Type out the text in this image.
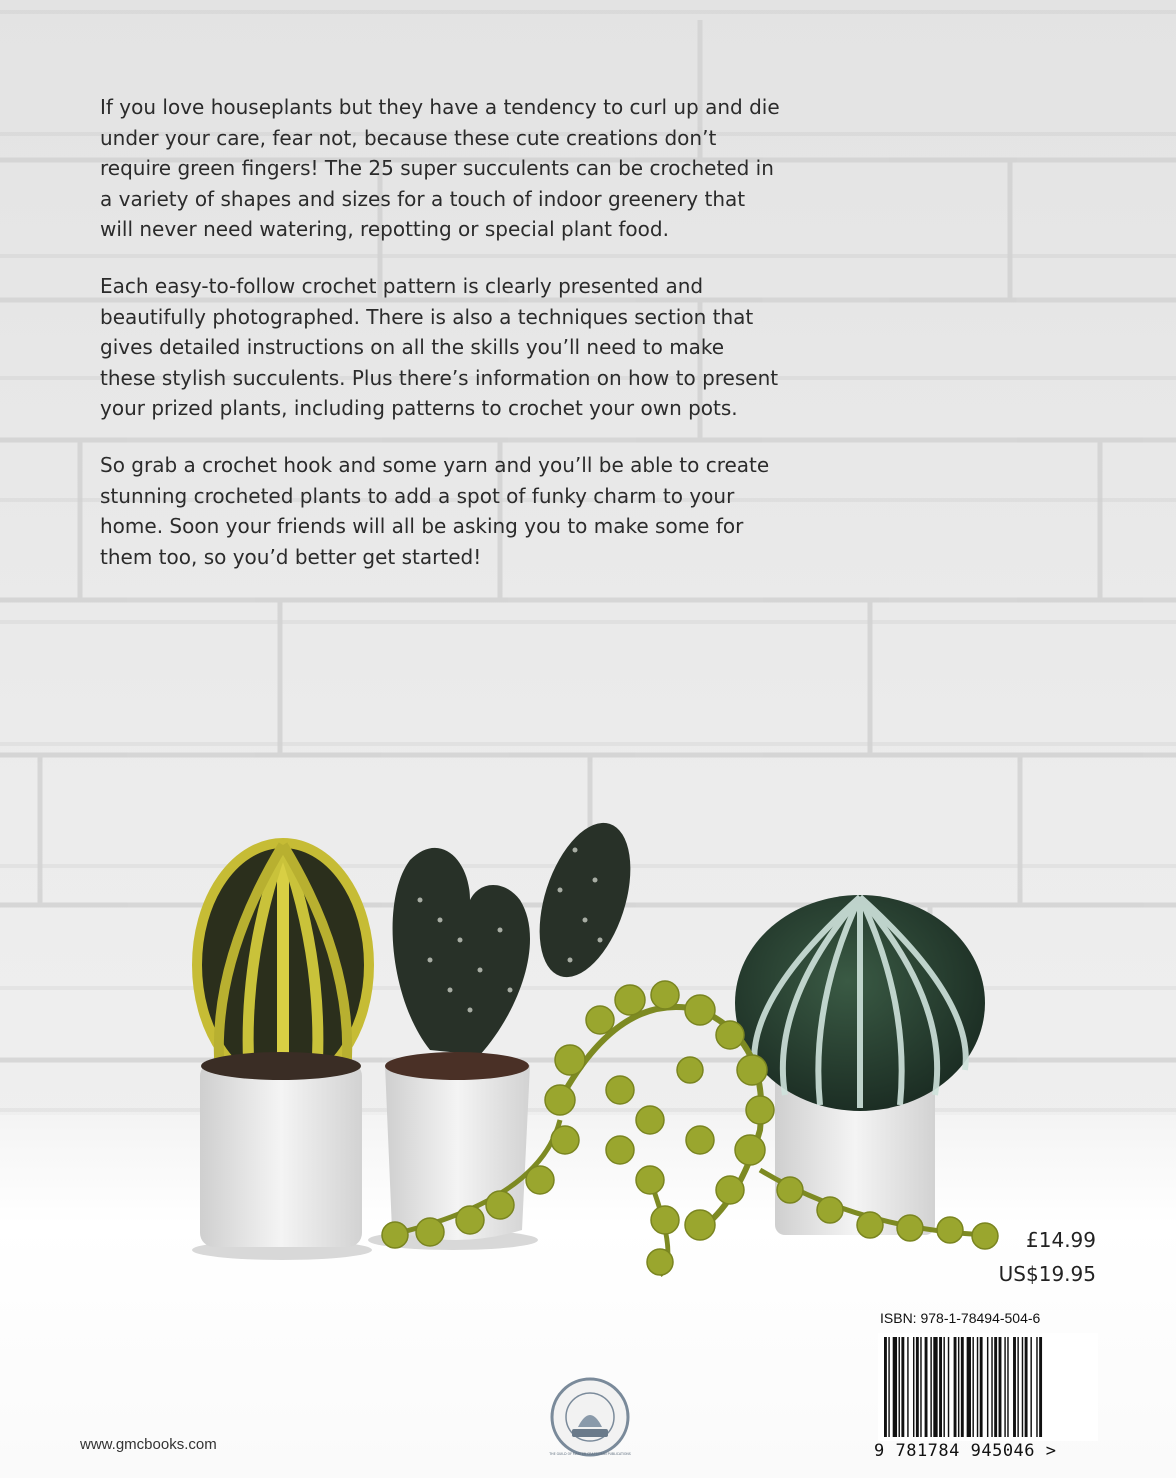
If you love houseplants but they have a tendency to curl up and die under your care, fear not, because these cute creations don’t require green fingers! The 25 super succulents can be crocheted in a variety of shapes and sizes for a touch of indoor greenery that will never need watering, repotting or special plant food.

Each easy-to-follow crochet pattern is clearly presented and beautifully photographed. There is also a techniques section that gives detailed instructions on all the skills you’ll need to make these stylish succulents. Plus there’s information on how to present your prized plants, including patterns to crochet your own pots.

So grab a crochet hook and some yarn and you’ll be able to create stunning crocheted plants to add a spot of funky charm to your home. Soon your friends will all be asking you to make some for them too, so you’d better get started!

£14.99
US$19.95
ISBN: 978-1-78494-504-6
9 781784 945046 >
THE GUILD OF MASTER CRAFTSMAN PUBLICATIONS
www.gmcbooks.com
